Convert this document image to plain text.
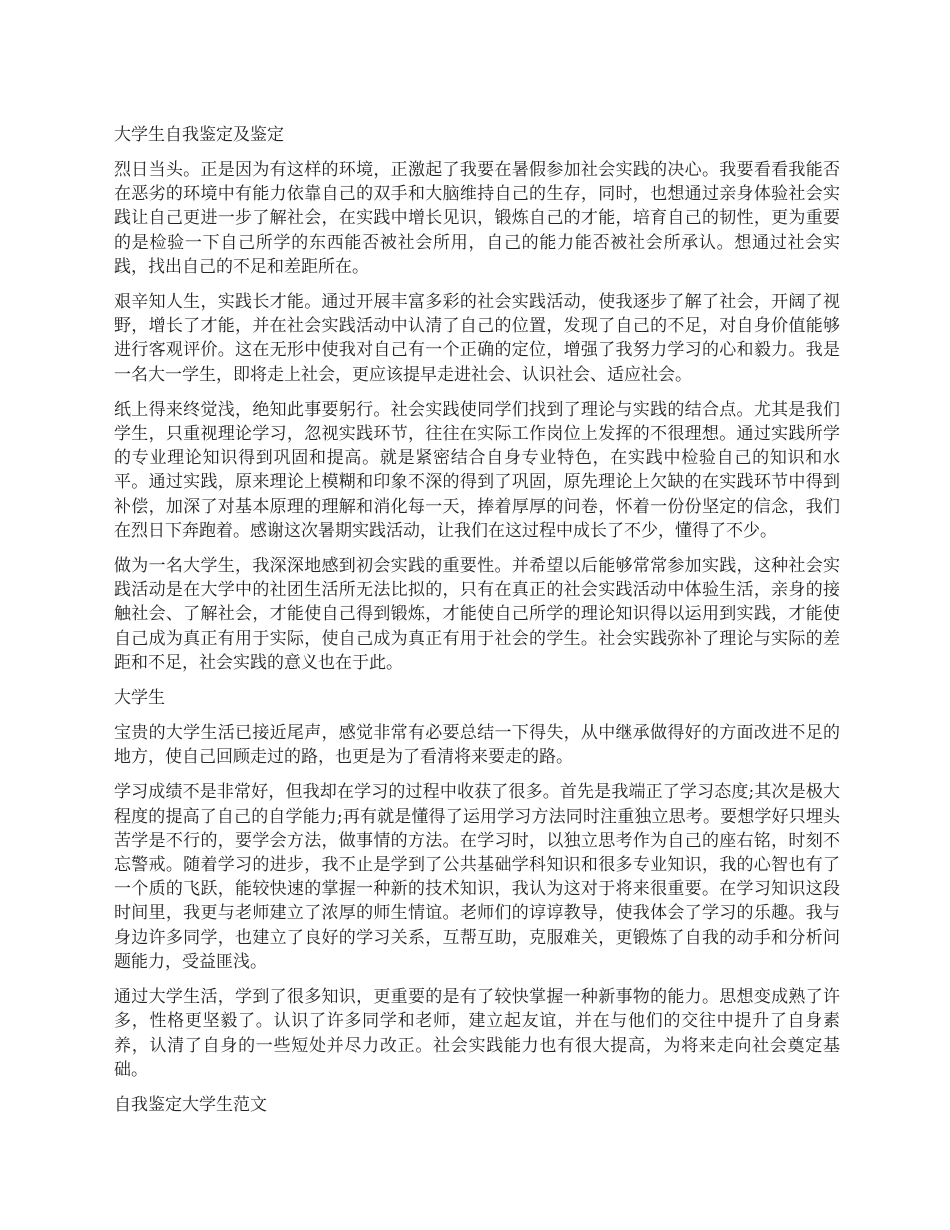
大学生自我鉴定及鉴定

烈日当头。正是因为有这样的环境，正激起了我要在暑假参加社会实践的决心。我要看看我能否在恶劣的环境中有能力依靠自己的双手和大脑维持自己的生存，同时，也想通过亲身体验社会实践让自己更进一步了解社会，在实践中增长见识，锻炼自己的才能，培育自己的韧性，更为重要的是检验一下自己所学的东西能否被社会所用，自己的能力能否被社会所承认。想通过社会实践，找出自己的不足和差距所在。

艰辛知人生，实践长才能。通过开展丰富多彩的社会实践活动，使我逐步了解了社会，开阔了视野，增长了才能，并在社会实践活动中认清了自己的位置，发现了自己的不足，对自身价值能够进行客观评价。这在无形中使我对自己有一个正确的定位，增强了我努力学习的心和毅力。我是一名大一学生，即将走上社会，更应该提早走进社会、认识社会、适应社会。

纸上得来终觉浅，绝知此事要躬行。社会实践使同学们找到了理论与实践的结合点。尤其是我们学生，只重视理论学习，忽视实践环节，往往在实际工作岗位上发挥的不很理想。通过实践所学的专业理论知识得到巩固和提高。就是紧密结合自身专业特色，在实践中检验自己的知识和水平。通过实践，原来理论上模糊和印象不深的得到了巩固，原先理论上欠缺的在实践环节中得到补偿，加深了对基本原理的理解和消化每一天，捧着厚厚的问卷，怀着一份份坚定的信念，我们在烈日下奔跑着。感谢这次暑期实践活动，让我们在这过程中成长了不少，懂得了不少。

做为一名大学生，我深深地感到初会实践的重要性。并希望以后能够常常参加实践，这种社会实践活动是在大学中的社团生活所无法比拟的，只有在真正的社会实践活动中体验生活，亲身的接触社会、了解社会，才能使自己得到锻炼，才能使自己所学的理论知识得以运用到实践，才能使自己成为真正有用于实际，使自己成为真正有用于社会的学生。社会实践弥补了理论与实际的差距和不足，社会实践的意义也在于此。

大学生

宝贵的大学生活已接近尾声，感觉非常有必要总结一下得失，从中继承做得好的方面改进不足的地方，使自己回顾走过的路，也更是为了看清将来要走的路。

学习成绩不是非常好，但我却在学习的过程中收获了很多。首先是我端正了学习态度;其次是极大程度的提高了自己的自学能力;再有就是懂得了运用学习方法同时注重独立思考。要想学好只埋头苦学是不行的，要学会方法，做事情的方法。在学习时，以独立思考作为自己的座右铭，时刻不忘警戒。随着学习的进步，我不止是学到了公共基础学科知识和很多专业知识，我的心智也有了一个质的飞跃，能较快速的掌握一种新的技术知识，我认为这对于将来很重要。在学习知识这段时间里，我更与老师建立了浓厚的师生情谊。老师们的谆谆教导，使我体会了学习的乐趣。我与身边许多同学，也建立了良好的学习关系，互帮互助，克服难关，更锻炼了自我的动手和分析问题能力，受益匪浅。

通过大学生活，学到了很多知识，更重要的是有了较快掌握一种新事物的能力。思想变成熟了许多，性格更坚毅了。认识了许多同学和老师，建立起友谊，并在与他们的交往中提升了自身素养，认清了自身的一些短处并尽力改正。社会实践能力也有很大提高，为将来走向社会奠定基础。

自我鉴定大学生范文
